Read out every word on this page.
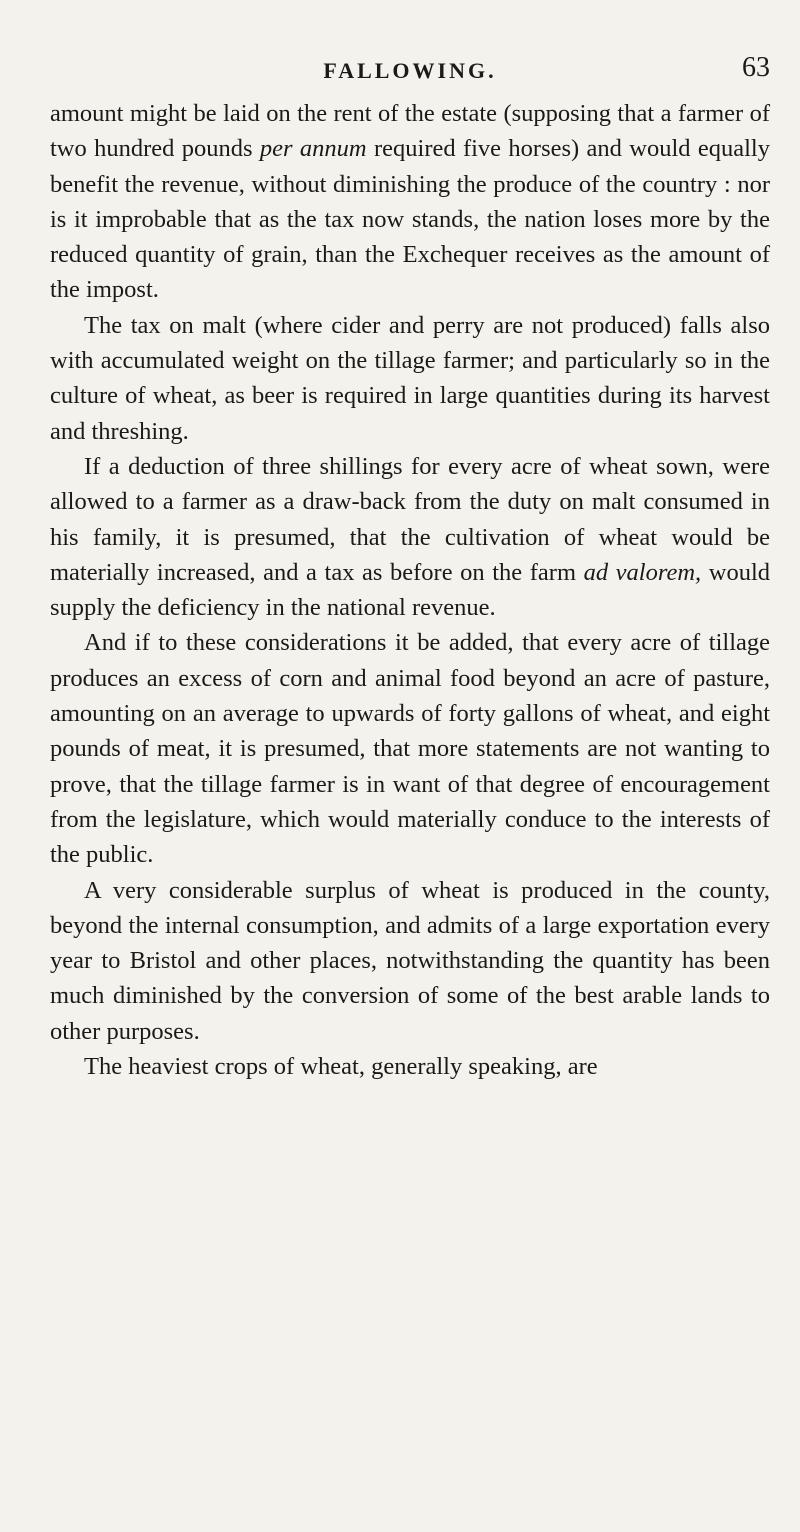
FALLOWING.	63

amount might be laid on the rent of the estate (supposing that a farmer of two hundred pounds per annum required five horses) and would equally benefit the revenue, without diminishing the produce of the country : nor is it improbable that as the tax now stands, the nation loses more by the reduced quantity of grain, than the Exchequer receives as the amount of the impost.

The tax on malt (where cider and perry are not produced) falls also with accumulated weight on the tillage farmer; and particularly so in the culture of wheat, as beer is required in large quantities during its harvest and threshing.

If a deduction of three shillings for every acre of wheat sown, were allowed to a farmer as a draw-back from the duty on malt consumed in his family, it is presumed, that the cultivation of wheat would be materially increased, and a tax as before on the farm ad valorem, would supply the deficiency in the national revenue.

And if to these considerations it be added, that every acre of tillage produces an excess of corn and animal food beyond an acre of pasture, amounting on an average to upwards of forty gallons of wheat, and eight pounds of meat, it is presumed, that more statements are not wanting to prove, that the tillage farmer is in want of that degree of encouragement from the legislature, which would materially conduce to the interests of the public.

A very considerable surplus of wheat is produced in the county, beyond the internal consumption, and admits of a large exportation every year to Bristol and other places, notwithstanding the quantity has been much diminished by the conversion of some of the best arable lands to other purposes.

The heaviest crops of wheat, generally speaking, are
